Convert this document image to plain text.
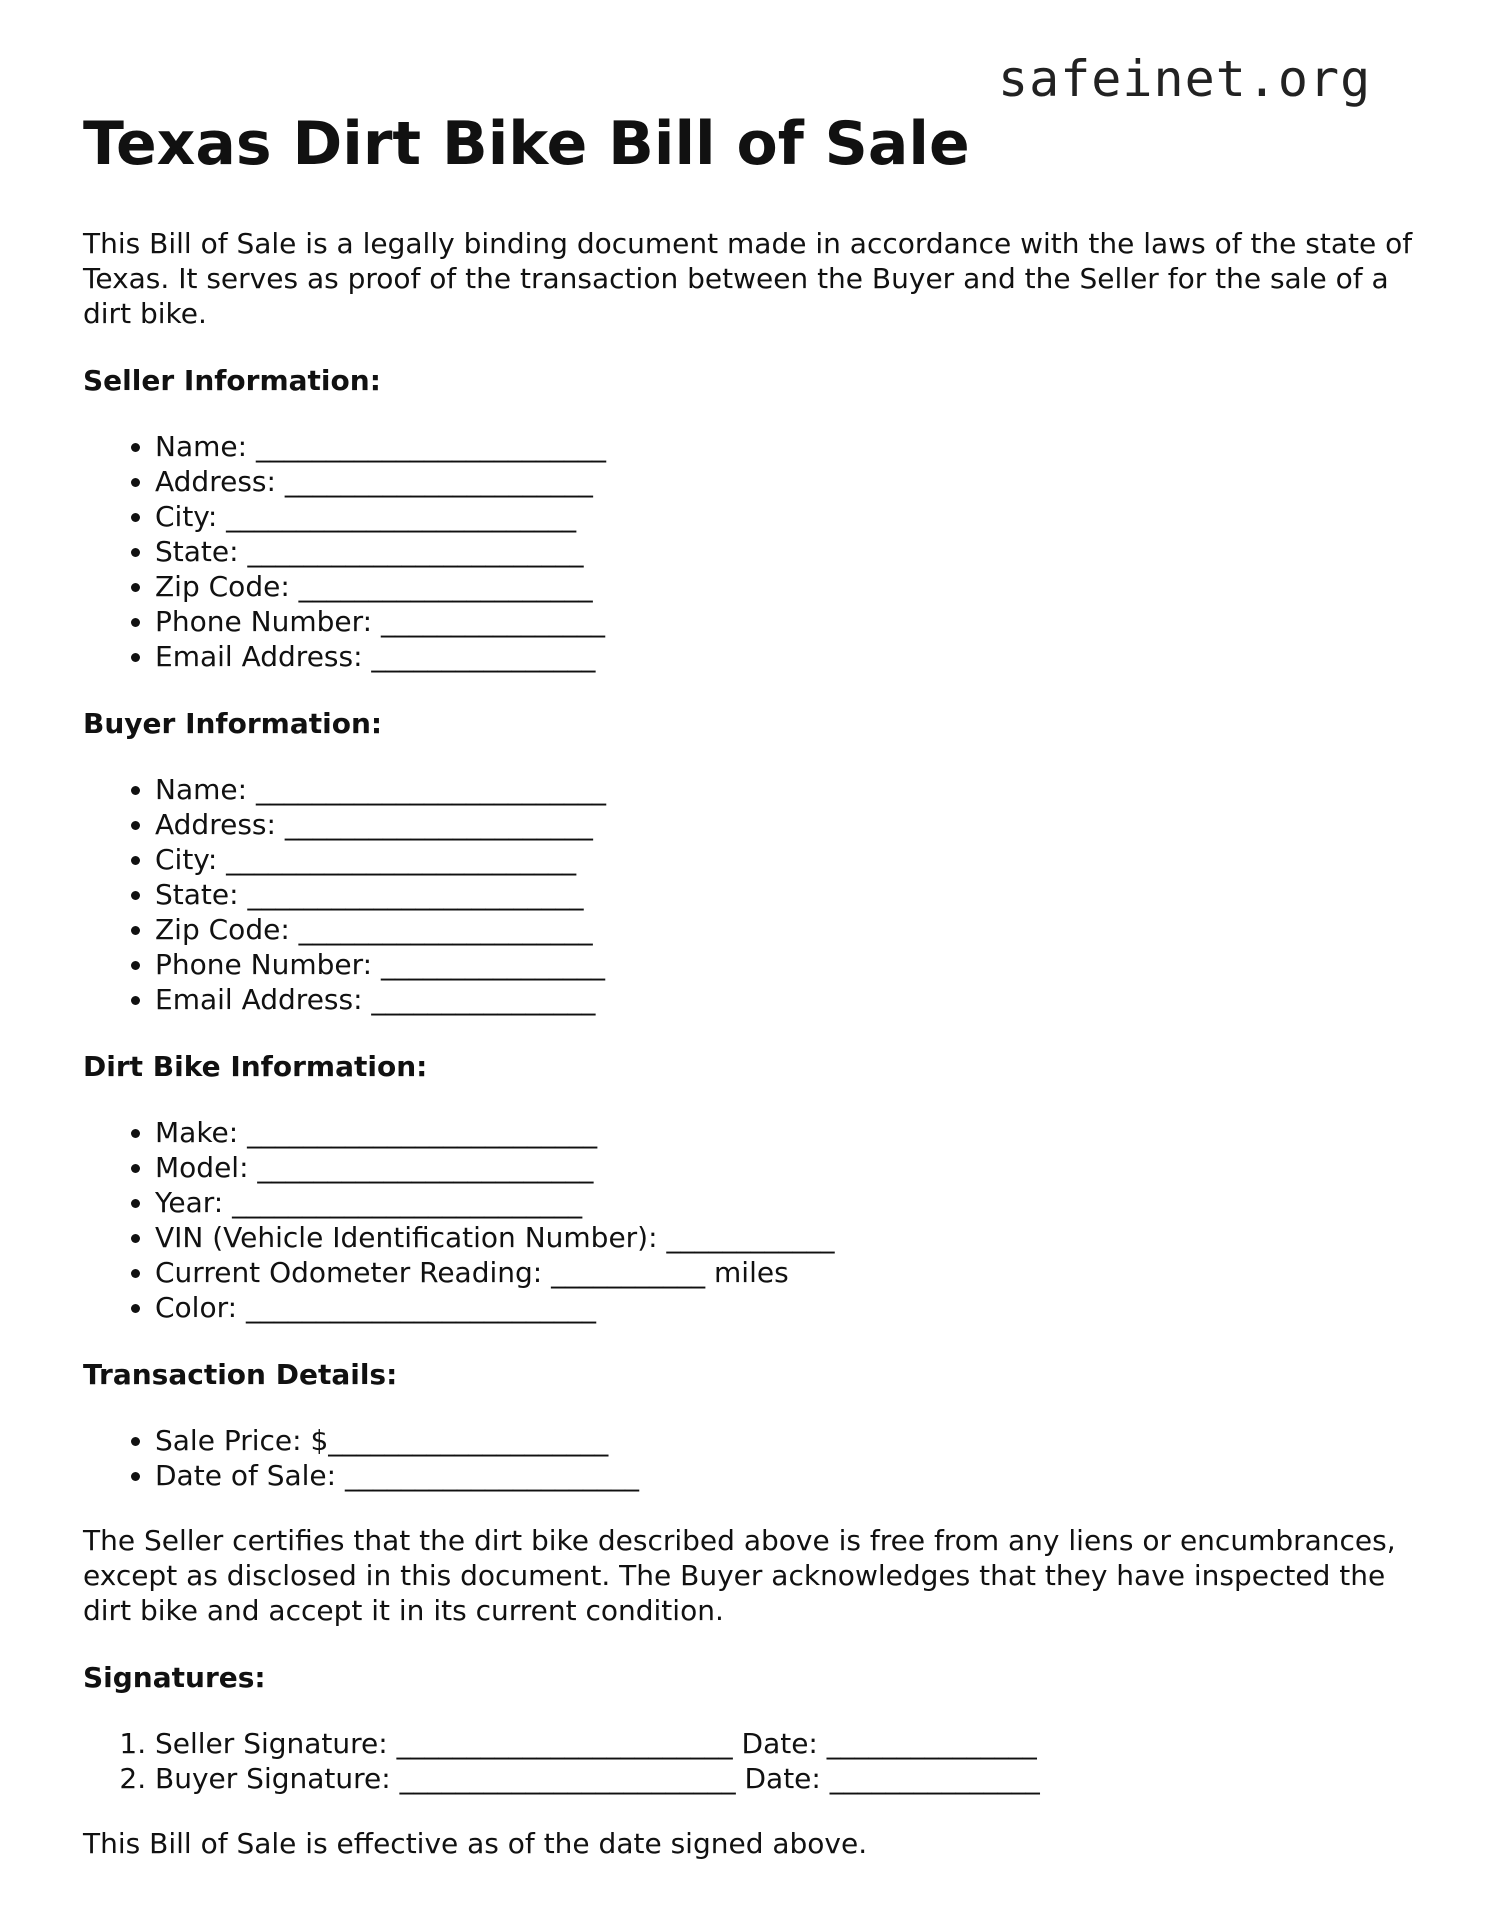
safeinet.org
Texas Dirt Bike Bill of Sale

This Bill of Sale is a legally binding document made in accordance with the laws of the state of Texas. It serves as proof of the transaction between the Buyer and the Seller for the sale of a dirt bike.

Seller Information:
• Name: _________________________
• Address: ______________________
• City: _________________________
• State: ________________________
• Zip Code: _____________________
• Phone Number: ________________
• Email Address: ________________
Buyer Information:
• Name: _________________________
• Address: ______________________
• City: _________________________
• State: ________________________
• Zip Code: _____________________
• Phone Number: ________________
• Email Address: ________________
Dirt Bike Information:
• Make: _________________________
• Model: ________________________
• Year: _________________________
• VIN (Vehicle Identification Number): ____________
• Current Odometer Reading: ___________ miles
• Color: _________________________
Transaction Details:
• Sale Price: $____________________
• Date of Sale: _____________________

The Seller certifies that the dirt bike described above is free from any liens or encumbrances, except as disclosed in this document. The Buyer acknowledges that they have inspected the dirt bike and accept it in its current condition.

Signatures:
1. Seller Signature: ________________________ Date: _______________
2. Buyer Signature: ________________________ Date: _______________

This Bill of Sale is effective as of the date signed above.
